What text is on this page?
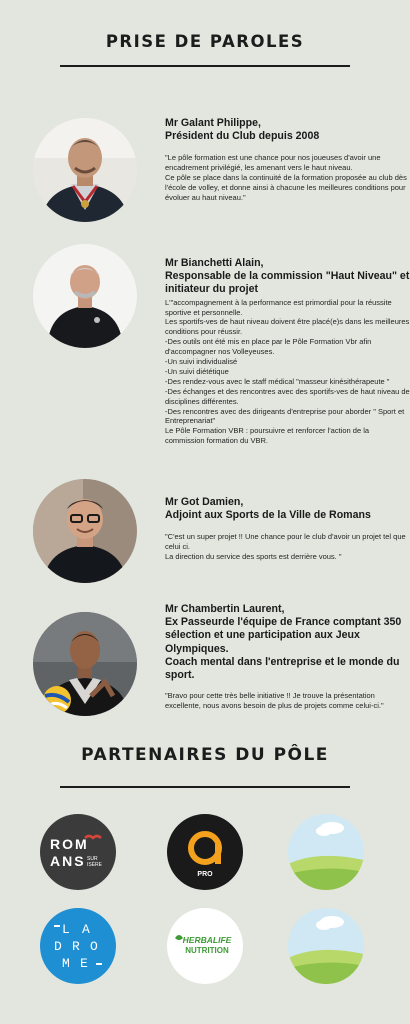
PRISE DE PAROLES
Mr Galant Philippe,
Président du Club depuis 2008
"Le pôle formation est une chance pour nos joueuses d'avoir une encadrement privilégié, les amenant vers le haut niveau.
Ce pôle se place dans la continuité de la formation proposée au club dès l'école de volley, et donne ainsi à chacune les meilleures conditions pour évoluer au haut niveau."
Mr Bianchetti Alain,
Responsable de la commission "Haut Niveau" et initiateur du projet
L'"accompagnement à la performance est primordial pour la réussite sportive et personnelle.
Les sportifs-ves de haut niveau doivent être placé(e)s dans les meilleures conditions pour réussir.
-Des outils ont été mis en place par le Pôle Formation Vbr afin d'accompagner nos Volleyeuses.
-Un suivi individualisé
-Un suivi diététique
-Des rendez-vous avec le staff médical "masseur kinésithérapeute "
-Des échanges et des rencontres avec des sportifs-ves de haut niveau de disciplines différentes.
-Des rencontres avec des dirigeants d'entreprise pour aborder " Sport et Entreprenariat"
Le Pôle Formation VBR : poursuivre et renforcer l'action de la commission formation du VBR.
Mr Got Damien,
Adjoint aux Sports de la Ville de Romans
"C'est un super projet !! Une chance pour le club d'avoir un projet tel que celui ci.
La direction du service des sports est derrière vous. "
Mr Chambertin Laurent,
Ex Passeurde l'équipe de France comptant 350 sélection et une participation aux Jeux Olympiques.
Coach mental dans l'entreprise et le monde du sport.
"Bravo pour cette très belle initiative !! Je trouve la présentation excellente, nous avons besoin de plus de projets comme celui-ci."
PARTENAIRES DU PÔLE
ROM
ANS SUR
ISÈRE
PRO
L A
D R O
M E
HERBALIFE
NUTRITION
